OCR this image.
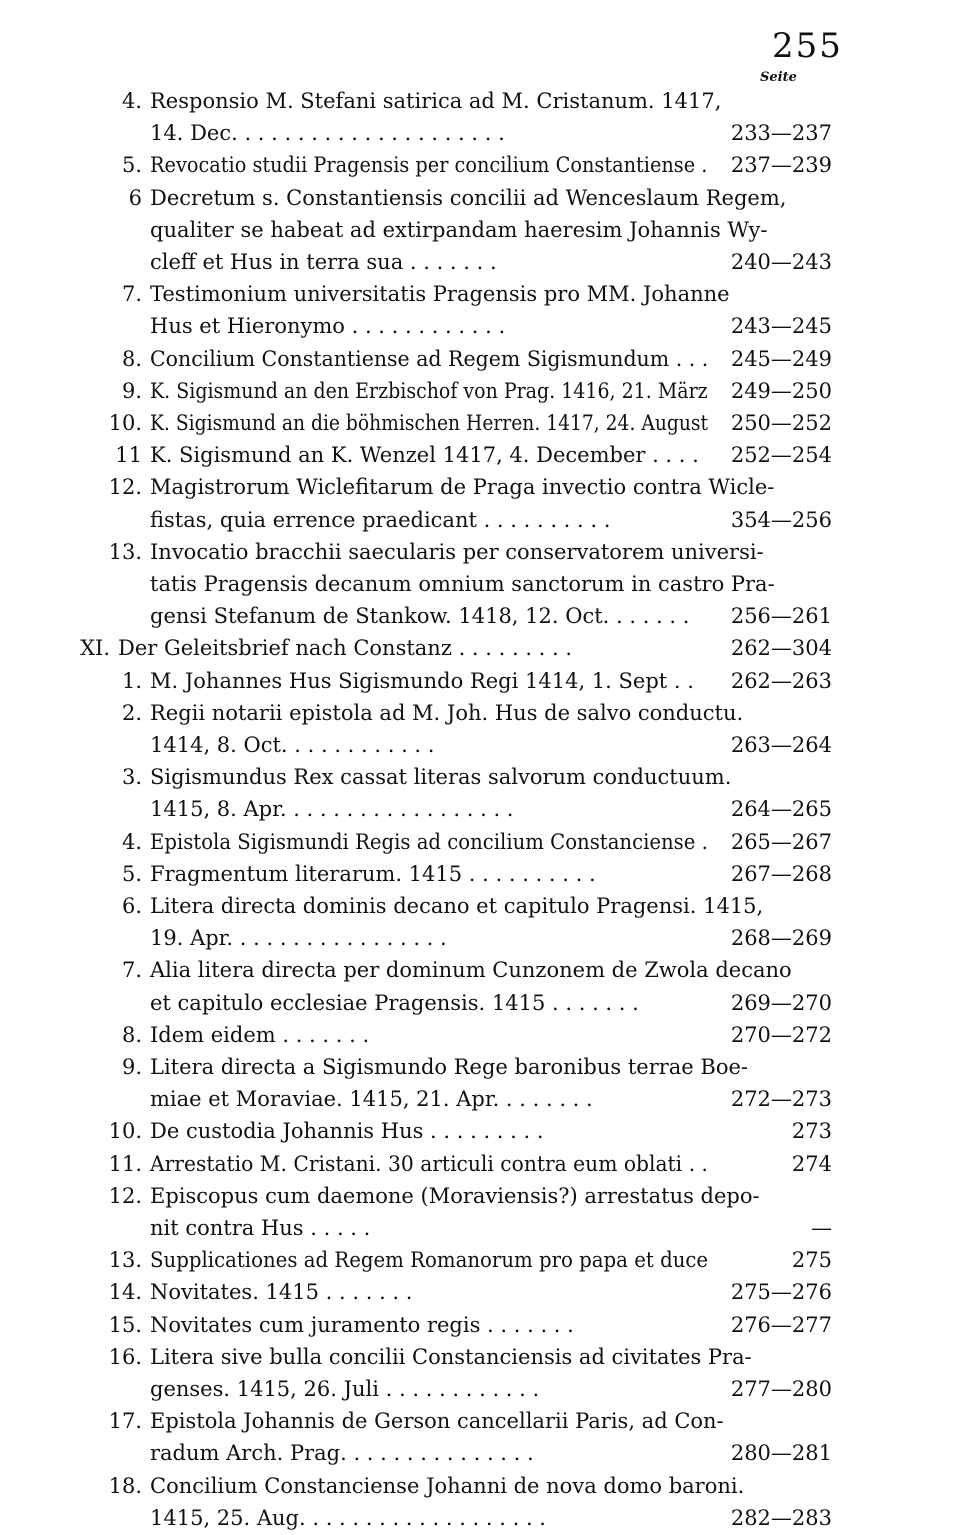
255
Seite
4. Responsio M. Stefani satirica ad M. Cristanum. 1417,
14. Dec. . . . . . . . . . . . . . . . . . . . .	233—237
5. Revocatio studii Pragensis per concilium Constantiense .	237—239
6 Decretum s. Constantiensis concilii ad Wenceslaum Regem,
qualiter se habeat ad extirpandam haeresim Johannis Wy-
cleff et Hus in terra sua . . . . . . .	240—243
7. Testimonium universitatis Pragensis pro MM. Johanne
Hus et Hieronymo . . . . . . . . . . . .	243—245
8. Concilium Constantiense ad Regem Sigismundum . . .	245—249
9. K. Sigismund an den Erzbischof von Prag. 1416, 21. März	249—250
10. K. Sigismund an die böhmischen Herren. 1417, 24. August	250—252
11 K. Sigismund an K. Wenzel 1417, 4. December . . . .	252—254
12. Magistrorum Wiclefitarum de Praga invectio contra Wicle-
fistas, quia errence praedicant . . . . . . . . . .	354—256
13. Invocatio bracchii saecularis per conservatorem universi-
tatis Pragensis decanum omnium sanctorum in castro Pra-
gensi Stefanum de Stankow. 1418, 12. Oct. . . . . . .	256—261
XI. Der Geleitsbrief nach Constanz . . . . . . . . .	262—304
1. M. Johannes Hus Sigismundo Regi 1414, 1. Sept . .	262—263
2. Regii notarii epistola ad M. Joh. Hus de salvo conductu.
1414, 8. Oct. . . . . . . . . . . .	263—264
3. Sigismundus Rex cassat literas salvorum conductuum.
1415, 8. Apr. . . . . . . . . . . . . . . . . .	264—265
4. Epistola Sigismundi Regis ad concilium Constanciense .	265—267
5. Fragmentum literarum. 1415 . . . . . . . . . .	267—268
6. Litera directa dominis decano et capitulo Pragensi. 1415,
19. Apr. . . . . . . . . . . . . . . . .	268—269
7. Alia litera directa per dominum Cunzonem de Zwola decano
et capitulo ecclesiae Pragensis. 1415 . . . . . . .	269—270
8. Idem eidem . . . . . . .	270—272
9. Litera directa a Sigismundo Rege baronibus terrae Boe-
miae et Moraviae. 1415, 21. Apr. . . . . . . .	272—273
10. De custodia Johannis Hus . . . . . . . . .	273
11. Arrestatio M. Cristani. 30 articuli contra eum oblati . .	274
12. Episcopus cum daemone (Moraviensis?) arrestatus depo-
nit contra Hus . . . . .	—
13. Supplicationes ad Regem Romanorum pro papa et duce	275
14. Novitates. 1415 . . . . . . .	275—276
15. Novitates cum juramento regis . . . . . . .	276—277
16. Litera sive bulla concilii Constanciensis ad civitates Pra-
genses. 1415, 26. Juli . . . . . . . . . . . .	277—280
17. Epistola Johannis de Gerson cancellarii Paris, ad Con-
radum Arch. Prag. . . . . . . . . . . . . . .	280—281
18. Concilium Constanciense Johanni de nova domo baroni.
1415, 25. Aug. . . . . . . . . . . . . . . . . . .	282—283
